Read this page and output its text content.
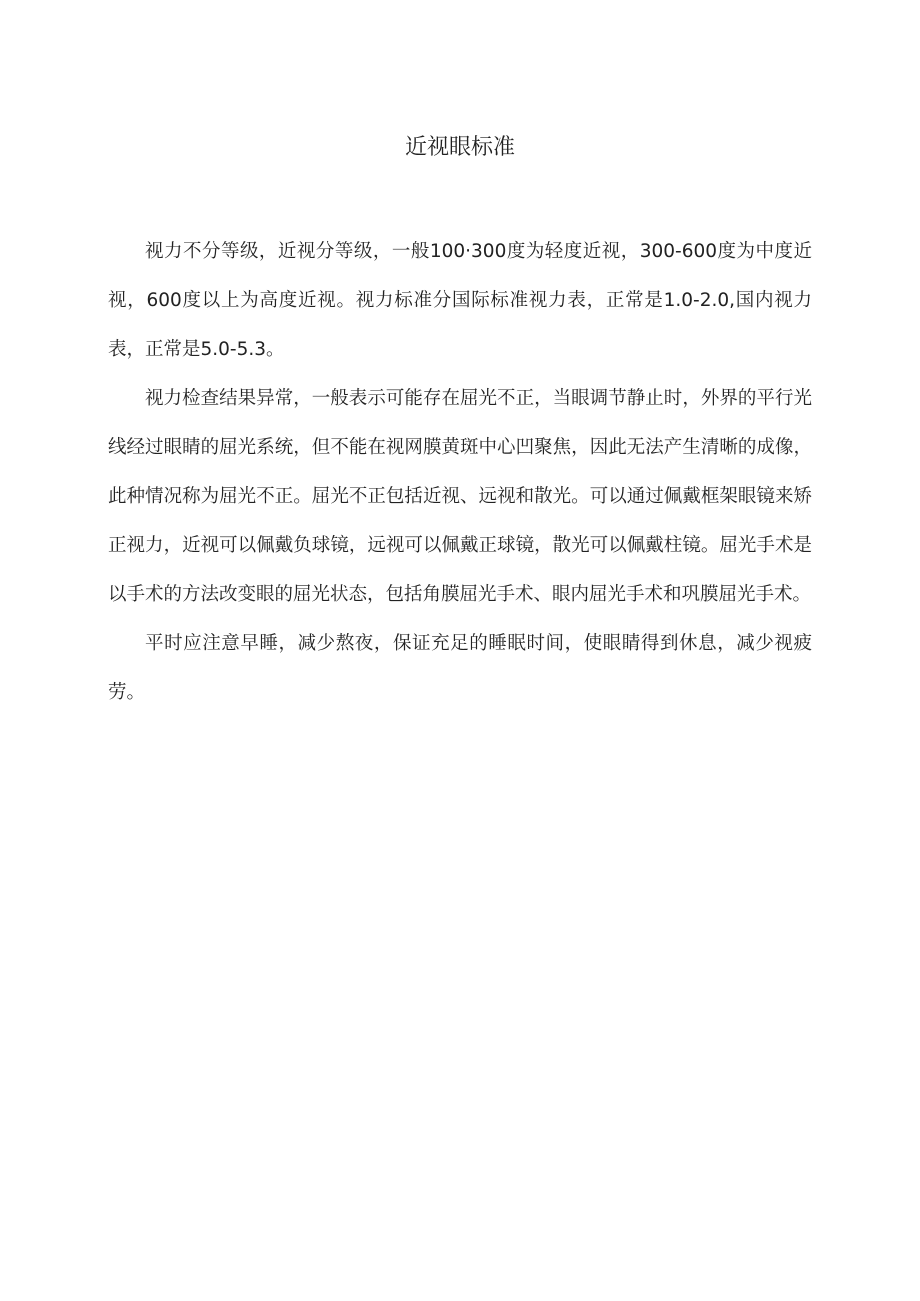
近视眼标准

视力不分等级，近视分等级，一般100·300度为轻度近视，300-600度为中度近视，600度以上为高度近视。视力标准分国际标准视力表，正常是1.0-2.0,国内视力表，正常是5.0-5.3。

视力检查结果异常，一般表示可能存在屈光不正，当眼调节静止时，外界的平行光线经过眼睛的屈光系统，但不能在视网膜黄斑中心凹聚焦，因此无法产生清晰的成像，此种情况称为屈光不正。屈光不正包括近视、远视和散光。可以通过佩戴框架眼镜来矫正视力，近视可以佩戴负球镜，远视可以佩戴正球镜，散光可以佩戴柱镜。屈光手术是以手术的方法改变眼的屈光状态，包括角膜屈光手术、眼内屈光手术和巩膜屈光手术。

平时应注意早睡，减少熬夜，保证充足的睡眠时间，使眼睛得到休息，减少视疲劳。
